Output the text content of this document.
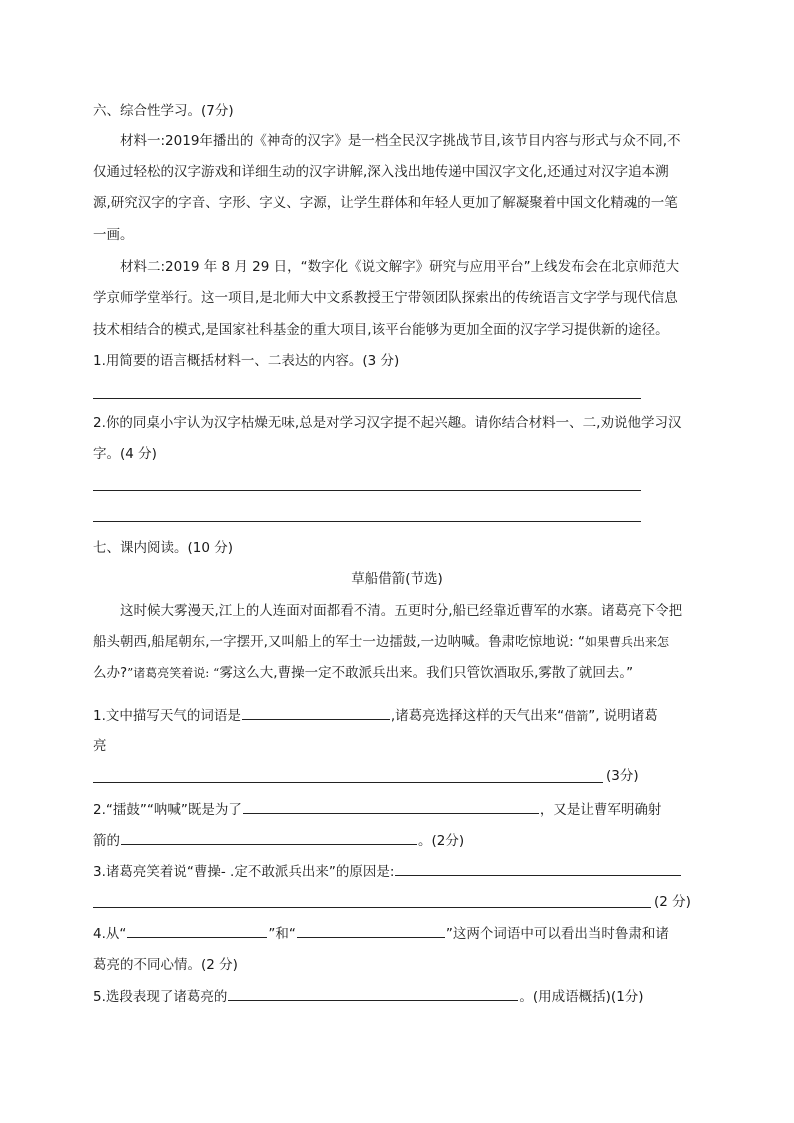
六、综合性学习。(7分)
材料一:2019年播出的《神奇的汉字》是一档全民汉字挑战节目,该节目内容与形式与众不同,不
仅通过轻松的汉字游戏和详细生动的汉字讲解,深入浅出地传递中国汉字文化,还通过对汉字追本溯
源,研究汉字的字音、字形、字义、字源，让学生群体和年轻人更加了解凝聚着中国文化精魂的一笔
一画。
材料二:2019 年 8 月 29 日，“数字化《说文解字》研究与应用平台”上线发布会在北京师范大
学京师学堂举行。这一项目,是北师大中文系教授王宁带领团队探索出的传统语言文字学与现代信息
技术相结合的模式,是国家社科基金的重大项目,该平台能够为更加全面的汉字学习提供新的途径。
1.用简要的语言概括材料一、二表达的内容。(3 分)
2.你的同桌小宇认为汉字枯燥无味,总是对学习汉字提不起兴趣。请你结合材料一、二,劝说他学习汉
字。(4 分)
七、课内阅读。(10 分)
草船借箭(节选)
这时候大雾漫天,江上的人连面对面都看不清。五更时分,船已经靠近曹军的水寨。诸葛亮下令把
船头朝西,船尾朝东,一字摆开,又叫船上的军士一边擂鼓,一边呐喊。鲁肃吃惊地说: “如果曹兵出来怎
么办?”诸葛亮笑着说: “雾这么大,曹操一定不敢派兵出来。我们只管饮酒取乐,雾散了就回去。”
1.文中描写天气的词语是	,诸葛亮选择这样的天气出来“借箭”, 说明诸葛
亮
(3分)
2.“擂鼓”“呐喊”既是为了	，又是让曹军明确射
箭的	。(2分)
3.诸葛亮笑着说“曹操- .定不敢派兵出来”的原因是:
(2 分)
4.从“	”和“	”这两个词语中可以看出当时鲁肃和诸
葛亮的不同心情。(2 分)
5.选段表现了诸葛亮的	。(用成语概括)(1分)
